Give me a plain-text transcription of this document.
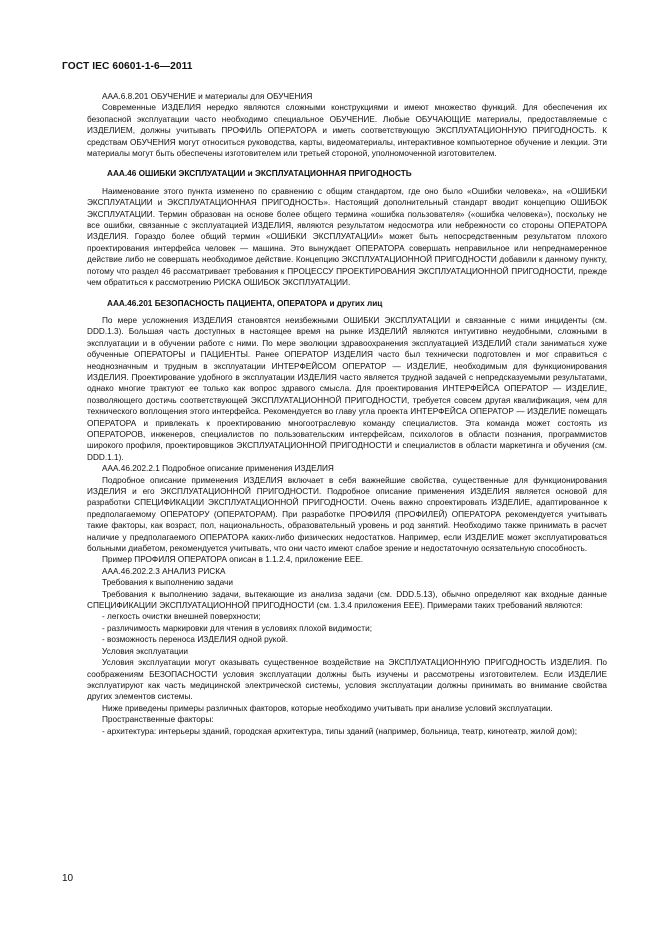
ГОСТ IEC 60601-1-6—2011

ААА.6.8.201 ОБУЧЕНИЕ и материалы для ОБУЧЕНИЯ

Современные ИЗДЕЛИЯ нередко являются сложными конструкциями и имеют множество функций. Для обеспечения их безопасной эксплуатации часто необходимо специальное ОБУЧЕНИЕ. Любые ОБУЧАЮЩИЕ материалы, предоставляемые с ИЗДЕЛИЕМ, должны учитывать ПРОФИЛЬ ОПЕРАТОРА и иметь соответствующую ЭКСПЛУАТАЦИОННУЮ ПРИГОДНОСТЬ. К средствам ОБУЧЕНИЯ могут относиться руководства, карты, видеоматериалы, интерактивное компьютерное обучение и лекции. Эти материалы могут быть обеспечены изготовителем или третьей стороной, уполномоченной изготовителем.

ААА.46 ОШИБКИ ЭКСПЛУАТАЦИИ и ЭКСПЛУАТАЦИОННАЯ ПРИГОДНОСТЬ

Наименование этого пункта изменено по сравнению с общим стандартом, где оно было «Ошибки человека», на «ОШИБКИ ЭКСПЛУАТАЦИИ и ЭКСПЛУАТАЦИОННАЯ ПРИГОДНОСТЬ». Настоящий дополнительный стандарт вводит концепцию ОШИБОК ЭКСПЛУАТАЦИИ. Термин образован на основе более общего термина «ошибка пользователя» («ошибка человека»), поскольку не все ошибки, связанные с эксплуатацией ИЗДЕЛИЯ, являются результатом недосмотра или небрежности со стороны ОПЕРАТОРА ИЗДЕЛИЯ. Гораздо более общий термин «ОШИБКИ ЭКСПЛУАТАЦИИ» может быть непосредственным результатом плохого проектирования интерфейса человек — машина. Это вынуждает ОПЕРАТОРА совершать неправильное или непреднамеренное действие либо не совершать необходимое действие. Концепцию ЭКСПЛУАТАЦИОННОЙ ПРИГОДНОСТИ добавили к данному пункту, потому что раздел 46 рассматривает требования к ПРОЦЕССУ ПРОЕКТИРОВАНИЯ ЭКСПЛУАТАЦИОННОЙ ПРИГОДНОСТИ, прежде чем обратиться к рассмотрению РИСКА ОШИБОК ЭКСПЛУАТАЦИИ.

ААА.46.201 БЕЗОПАСНОСТЬ ПАЦИЕНТА, ОПЕРАТОРА и других лиц

По мере усложнения ИЗДЕЛИЯ становятся неизбежными ОШИБКИ ЭКСПЛУАТАЦИИ и связанные с ними инциденты (см. DDD.1.3). Большая часть доступных в настоящее время на рынке ИЗДЕЛИЙ являются интуитивно неудобными, сложными в эксплуатации и в обучении работе с ними. По мере эволюции здравоохранения эксплуатацией ИЗДЕЛИЙ стали заниматься хуже обученные ОПЕРАТОРЫ и ПАЦИЕНТЫ. Ранее ОПЕРАТОР ИЗДЕЛИЯ часто был технически подготовлен и мог справиться с неоднозначным и трудным в эксплуатации ИНТЕРФЕЙСОМ ОПЕРАТОР — ИЗДЕЛИЕ, необходимым для функционирования ИЗДЕЛИЯ. Проектирование удобного в эксплуатации ИЗДЕЛИЯ часто является трудной задачей с непредсказуемыми результатами, однако многие трактуют ее только как вопрос здравого смысла. Для проектирования ИНТЕРФЕЙСА ОПЕРАТОР — ИЗДЕЛИЕ, позволяющего достичь соответствующей ЭКСПЛУАТАЦИОННОЙ ПРИГОДНОСТИ, требуется совсем другая квалификация, чем для технического воплощения этого интерфейса. Рекомендуется во главу угла проекта ИНТЕРФЕЙСА ОПЕРАТОР — ИЗДЕЛИЕ помещать ОПЕРАТОРА и привлекать к проектированию многоотраслевую команду специалистов. Эта команда может состоять из ОПЕРАТОРОВ, инженеров, специалистов по пользовательским интерфейсам, психологов в области познания, программистов широкого профиля, проектировщиков ЭКСПЛУАТАЦИОННОЙ ПРИГОДНОСТИ и специалистов в области маркетинга и обучения (см. DDD.1.1).

ААА.46.202.2.1 Подробное описание применения ИЗДЕЛИЯ

Подробное описание применения ИЗДЕЛИЯ включает в себя важнейшие свойства, существенные для функционирования ИЗДЕЛИЯ и его ЭКСПЛУАТАЦИОННОЙ ПРИГОДНОСТИ. Подробное описание применения ИЗДЕЛИЯ является основой для разработки СПЕЦИФИКАЦИИ ЭКСПЛУАТАЦИОННОЙ ПРИГОДНОСТИ. Очень важно спроектировать ИЗДЕЛИЕ, адаптированное к предполагаемому ОПЕРАТОРУ (ОПЕРАТОРАМ). При разработке ПРОФИЛЯ (ПРОФИЛЕЙ) ОПЕРАТОРА рекомендуется учитывать такие факторы, как возраст, пол, национальность, образовательный уровень и род занятий. Необходимо также принимать в расчет наличие у предполагаемого ОПЕРАТОРА каких-либо физических недостатков. Например, если ИЗДЕЛИЕ может эксплуатироваться больными диабетом, рекомендуется учитывать, что они часто имеют слабое зрение и недостаточную осязательную способность.

Пример ПРОФИЛЯ ОПЕРАТОРА описан в 1.1.2.4, приложение ЕЕЕ.

ААА.46.202.2.3 АНАЛИЗ РИСКА

Требования к выполнению задачи

Требования к выполнению задачи, вытекающие из анализа задачи (см. DDD.5.13), обычно определяют как входные данные СПЕЦИФИКАЦИИ ЭКСПЛУАТАЦИОННОЙ ПРИГОДНОСТИ (см. 1.3.4 приложения ЕЕЕ). Примерами таких требований являются:

- легкость очистки внешней поверхности;

- различимость маркировки для чтения в условиях плохой видимости;

- возможность переноса ИЗДЕЛИЯ одной рукой.

Условия эксплуатации

Условия эксплуатации могут оказывать существенное воздействие на ЭКСПЛУАТАЦИОННУЮ ПРИГОДНОСТЬ ИЗДЕЛИЯ. По соображениям БЕЗОПАСНОСТИ условия эксплуатации должны быть изучены и рассмотрены изготовителем. Если ИЗДЕЛИЕ эксплуатируют как часть медицинской электрической системы, условия эксплуатации должны принимать во внимание свойства других элементов системы.

Ниже приведены примеры различных факторов, которые необходимо учитывать при анализе условий эксплуатации.

Пространственные факторы:

- архитектура: интерьеры зданий, городская архитектура, типы зданий (например, больница, театр, кинотеатр, жилой дом);

10
